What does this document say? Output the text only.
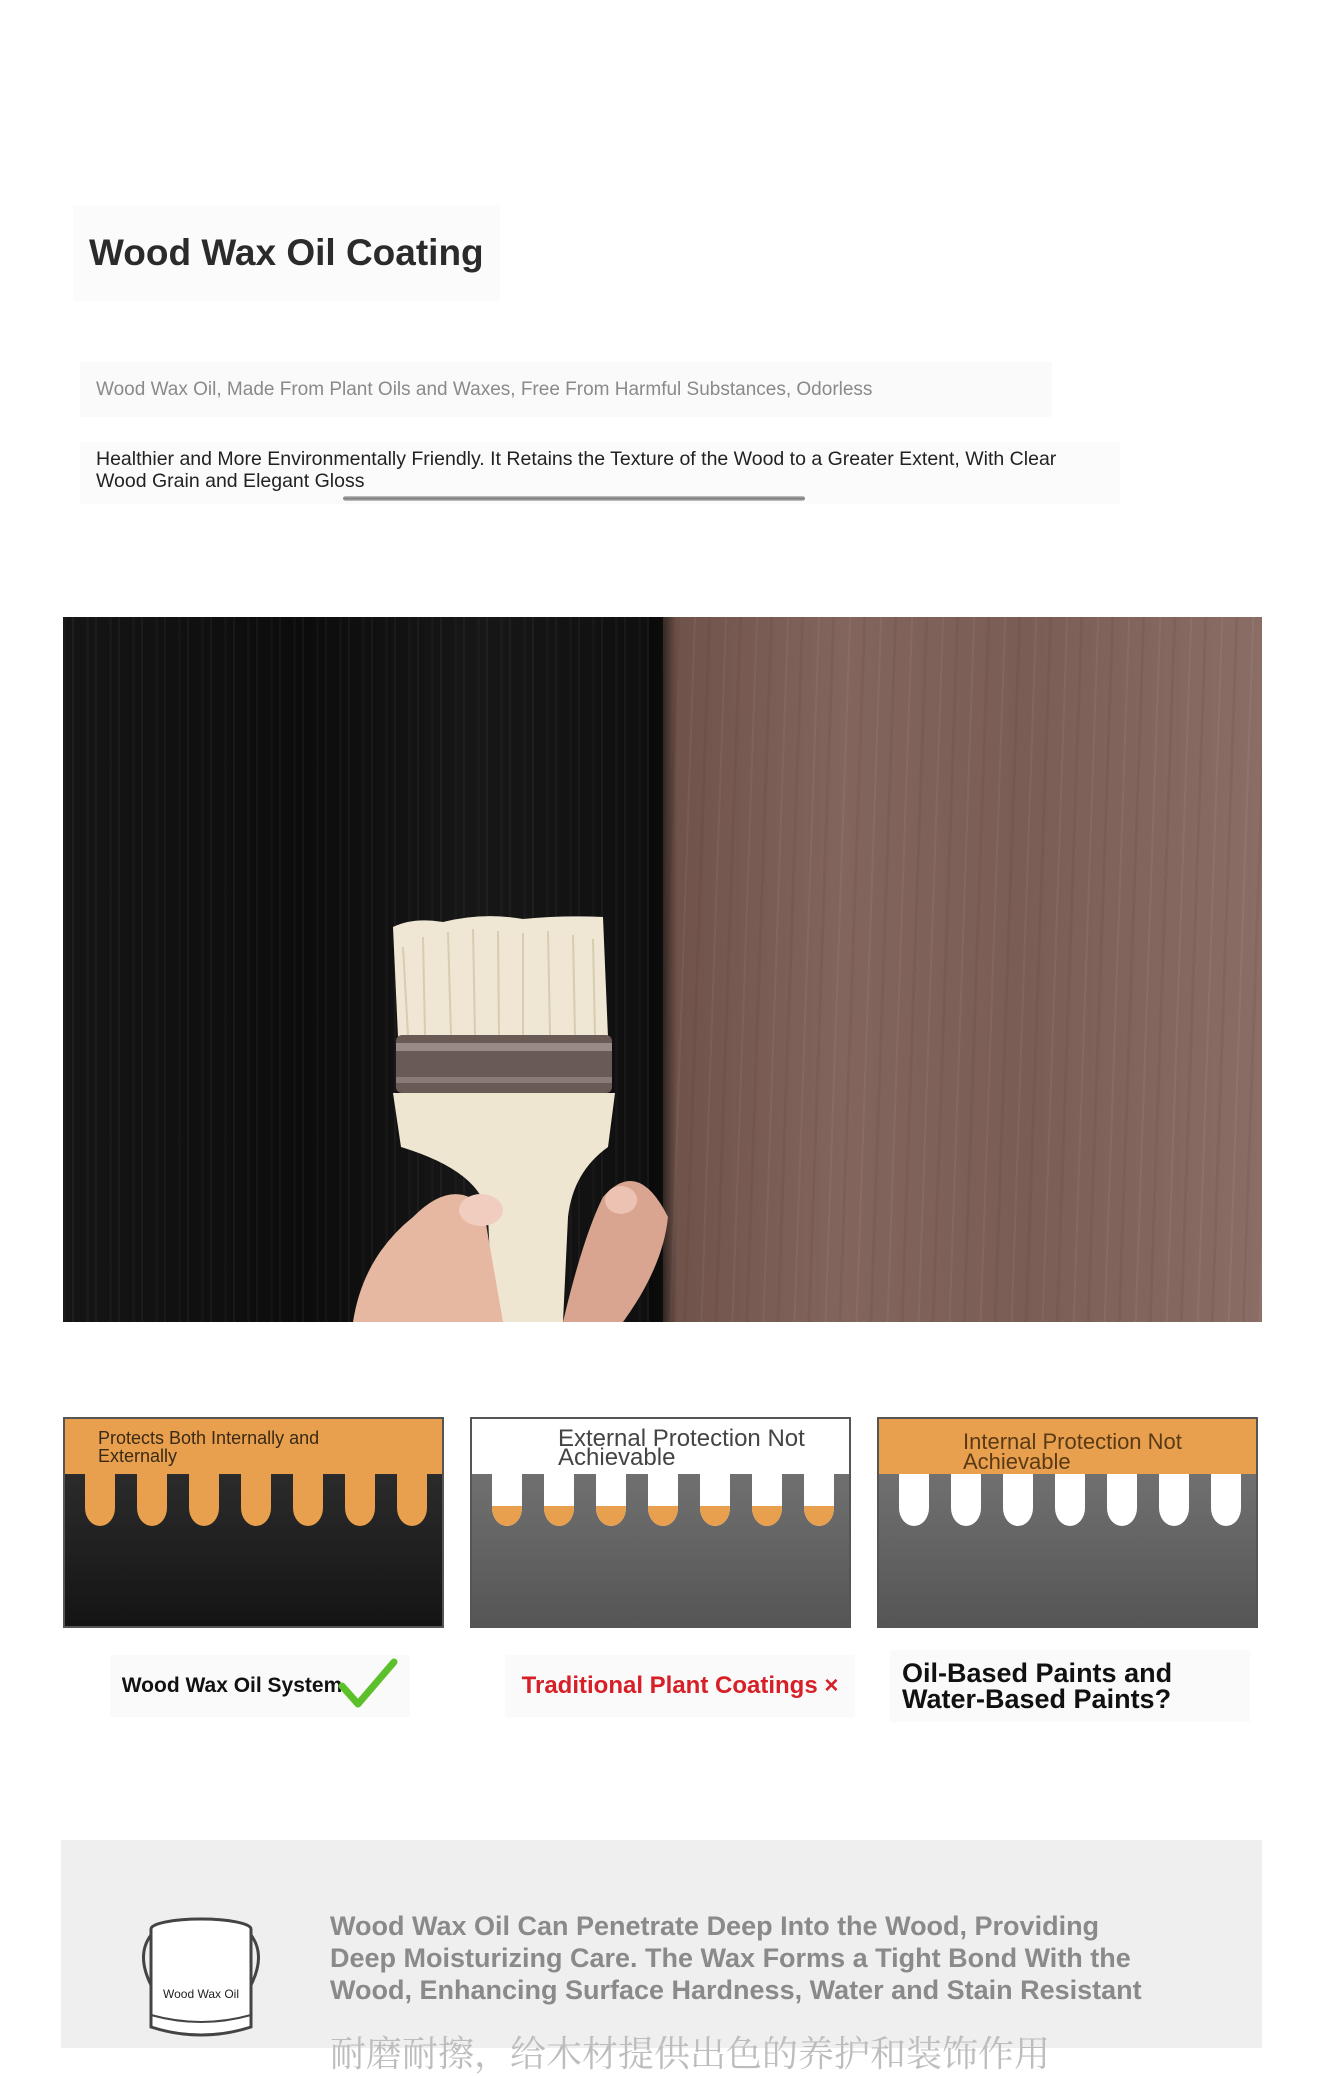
Wood Wax Oil Coating
Wood Wax Oil, Made From Plant Oils and Waxes, Free From Harmful Substances, Odorless
Healthier and More Environmentally Friendly. It Retains the Texture of the Wood to a Greater Extent, With Clear Wood Grain and Elegant Gloss
Protects Both Internally and Externally
External Protection Not Achievable
Internal Protection Not Achievable
Wood Wax Oil System	Traditional Plant Coatings ×	Oil-Based Paints and Water-Based Paints?
Wood Wax Oil
Wood Wax Oil Can Penetrate Deep Into the Wood, Providing Deep Moisturizing Care. The Wax Forms a Tight Bond With the Wood, Enhancing Surface Hardness, Water and Stain Resistant
耐磨耐擦，给木材提供出色的养护和装饰作用
